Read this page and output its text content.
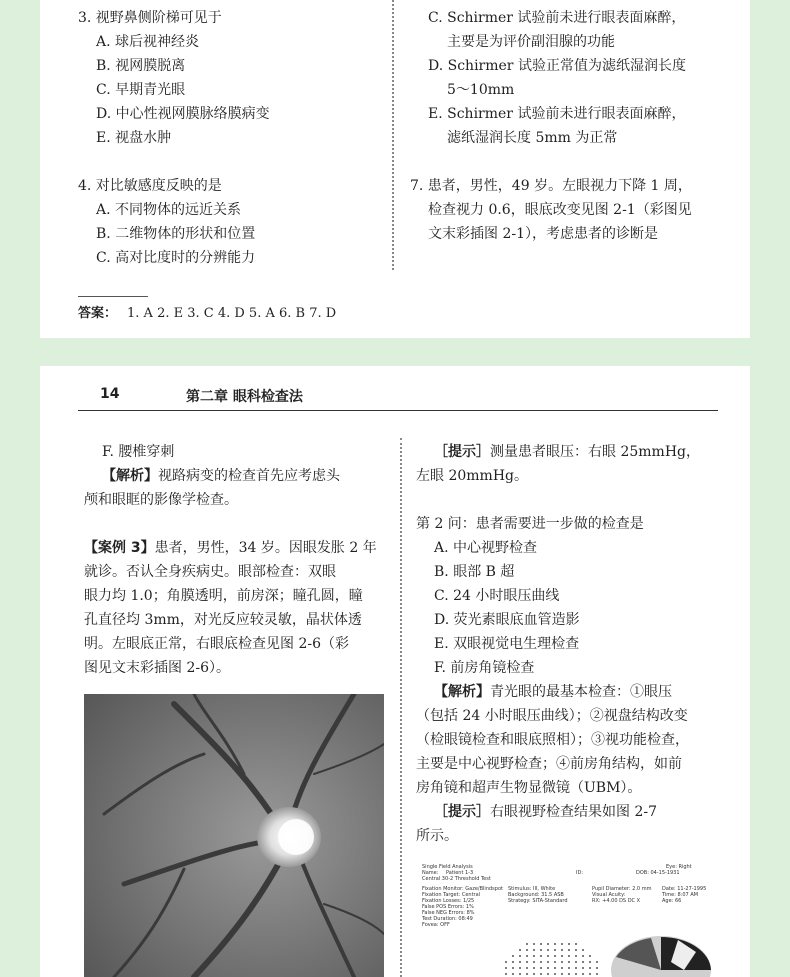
3. 视野鼻侧阶梯可见于
A. 球后视神经炎
B. 视网膜脱离
C. 早期青光眼
D. 中心性视网膜脉络膜病变
E. 视盘水肿
4. 对比敏感度反映的是
A. 不同物体的远近关系
B. 二维物体的形状和位置
C. 高对比度时的分辨能力
C. Schirmer 试验前未进行眼表面麻醉，
主要是为评价副泪腺的功能
D. Schirmer 试验正常值为滤纸湿润长度
5～10mm
E. Schirmer 试验前未进行眼表面麻醉，
滤纸湿润长度 5mm 为正常
7. 患者，男性，49 岁。左眼视力下降 1 周，
检查视力 0.6，眼底改变见图 2-1（彩图见
文末彩插图 2-1），考虑患者的诊断是
答案： 1. A 2. E 3. C 4. D 5. A 6. B 7. D
14	第二章 眼科检查法
F. 腰椎穿刺
【解析】视路病变的检查首先应考虑头
颅和眼眶的影像学检查。
【案例 3】患者，男性，34 岁。因眼发胀 2 年
就诊。否认全身疾病史。眼部检查：双眼
眼力均 1.0；角膜透明，前房深；瞳孔圆，瞳
孔直径均 3mm，对光反应较灵敏，晶状体透
明。左眼底正常，右眼底检查见图 2-6（彩
图见文末彩插图 2-6）。
［提示］测量患者眼压：右眼 25mmHg，
左眼 20mmHg。
第 2 问：患者需要进一步做的检查是
A. 中心视野检查
B. 眼部 B 超
C. 24 小时眼压曲线
D. 荧光素眼底血管造影
E. 双眼视觉电生理检查
F. 前房角镜检查
【解析】青光眼的最基本检查：①眼压
（包括 24 小时眼压曲线）；②视盘结构改变
（检眼镜检查和眼底照相）；③视功能检查，
主要是中心视野检查；④前房角结构，如前
房角镜和超声生物显微镜（UBM）。
［提示］右眼视野检查结果如图 2-7
所示。
Single Field Analysis	Eye: Right
Name: Patient 1-3	ID:	DOB: 04-15-1931
Central 30-2 Threshold Test
Fixation Monitor: Gaze/Blindspot Stimulus: III, White	Pupil Diameter: 2.0 mm Date: 11-27-1995
Fixation Target: Central	Background: 31.5 ASB	Visual Acuity:	Time: 8:07 AM
Fixation Losses: 1/25	Strategy: SITA-Standard	RX: +4.00 DS DC X	Age: 66
False POS Errors: 1%
False NEG Errors: 8%
Test Duration: 08:49
Fovea: OFF
